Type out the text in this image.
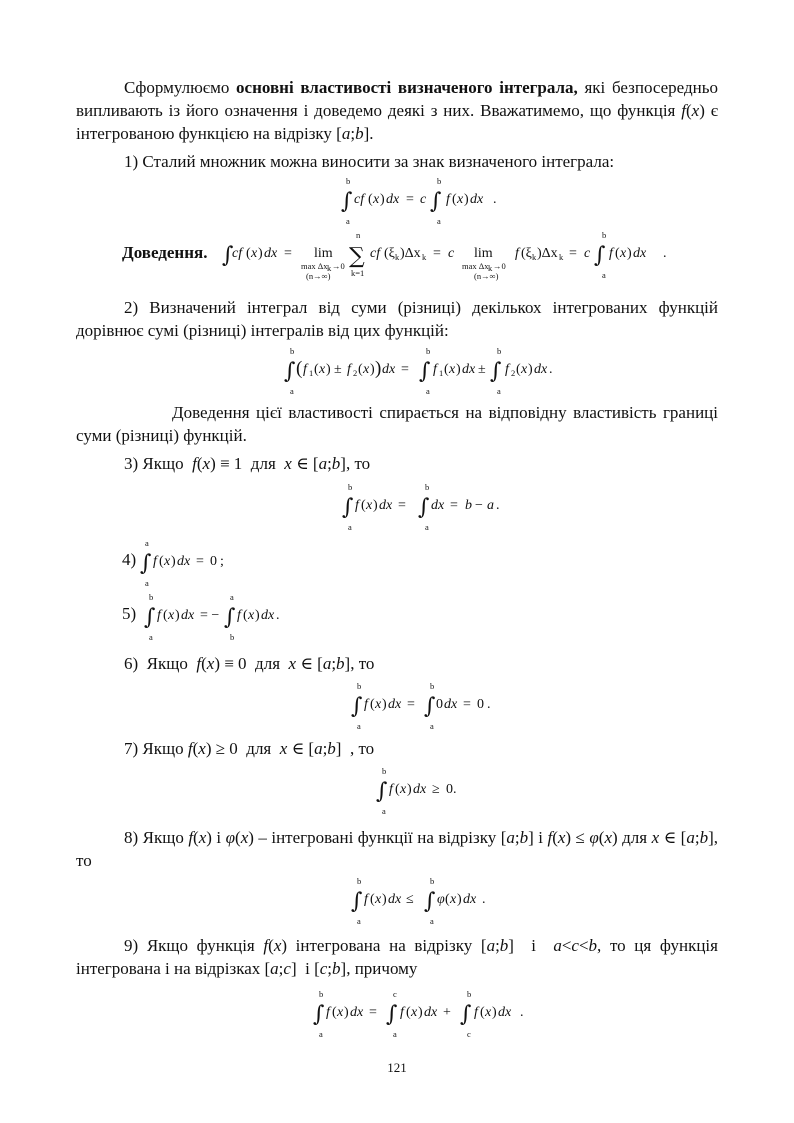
Сформулюємо основні властивості визначеного інтеграла, які безпосередньо випливають із його означення і доведемо деякі з них. Вважатимемо, що функція f(x) є інтегрованою функцією на відрізку [a;b].
1) Сталий множник можна виносити за знак визначеного інтеграла:
b
∫
a
cf ( x ) dx = c
b
∫
a
f ( x ) dx .
Доведення. ∫
cf ( x ) dx = lim
max Δx k →0
(n→∞)
n
∑
k=1
cf (ξ k )Δx k = c lim
max Δx k →0
(n→∞)
f (ξ k )Δx k = c
b
∫
a
f ( x ) dx .
2) Визначений інтеграл від суми (різниці) декількох інтегрованих функцій дорівнює сумі (різниці) інтегралів від цих функцій:
b
∫
a
( f 1 ( x ) ± f 2 ( x ) ) dx =
b
∫
a
f 1 ( x ) dx ±
b
∫
a
f 2 ( x ) dx .
Доведення цієї властивості спирається на відповідну властивість границі суми (різниці) функцій.
3) Якщо  f(x) ≡ 1  для  x ∈ [a;b], то
b
∫
a
f ( x ) dx =
b
∫
a
dx = b − a .
4)
a
∫
a
f ( x ) dx = 0 ;
5)
b
∫
a
f ( x ) dx = −
a
∫
b
f ( x ) dx .
6)  Якщо  f(x) ≡ 0  для  x ∈ [a;b], то
b
∫
a
f ( x ) dx =
b
∫ 0 dx
a
= 0 .
7) Якщо f(x) ≥ 0  для  x ∈ [a;b]  , то
b
∫
a
f ( x ) dx ≥ 0.
8) Якщо f(x) і φ(x) – інтегровані функції на відрізку [a;b] і f(x) ≤ φ(x) для x ∈ [a;b], то
b
∫
a
f ( x ) dx ≤
b
∫
a
φ ( x ) dx .
9) Якщо функція f(x) інтегрована на відрізку [a;b]  і  a<c<b, то ця функція інтегрована і на відрізках [a;c]  і [c;b], причому
b
∫
a
f ( x ) dx =
c
∫
a
f ( x ) dx +
b
∫
c
f ( x ) dx .
121
